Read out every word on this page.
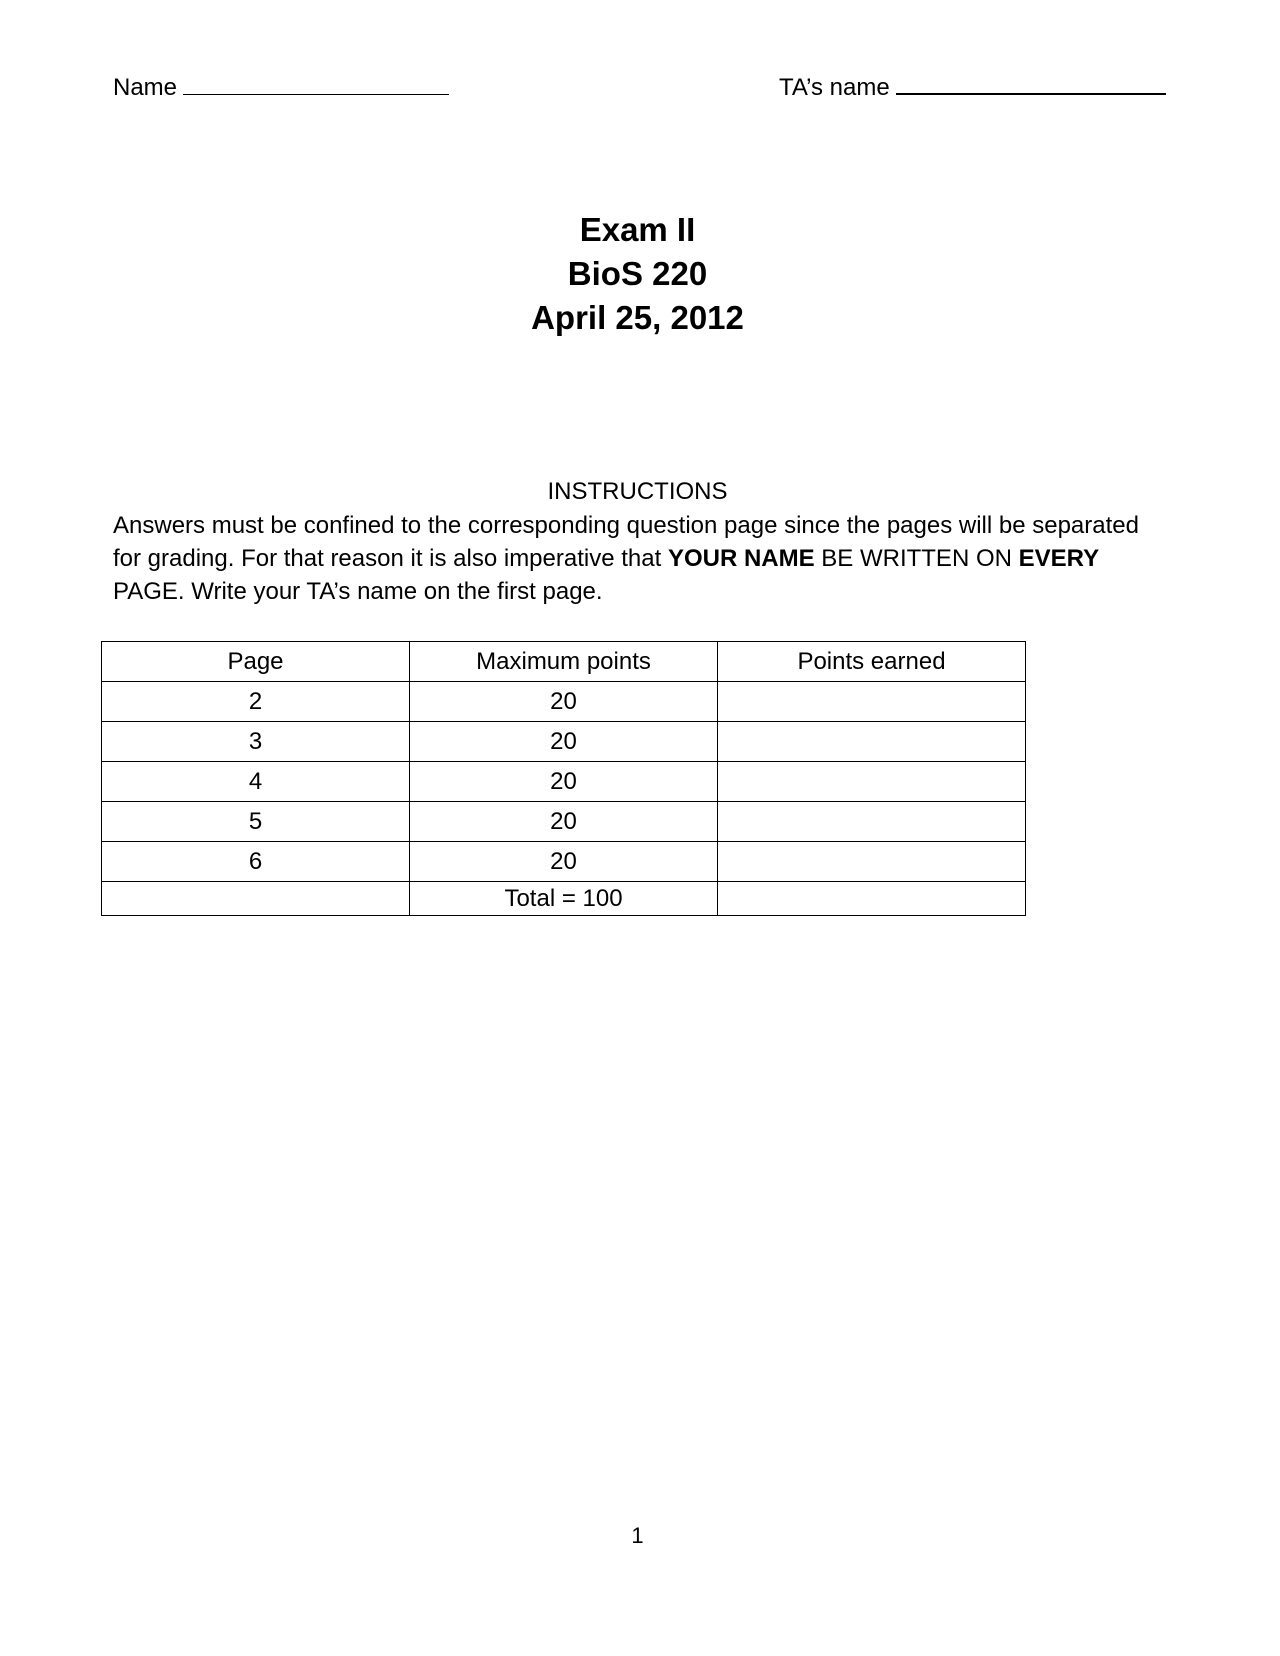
Name	TA’s name
Exam II
BioS 220
April 25, 2012
INSTRUCTIONS
Answers must be confined to the corresponding question page since the pages will be separated for grading. For that reason it is also imperative that YOUR NAME BE WRITTEN ON EVERY PAGE. Write your TA’s name on the first page.
Page	Maximum points	Points earned
2	20	
3	20	
4	20	
5	20	
6	20	
	Total = 100	
1
